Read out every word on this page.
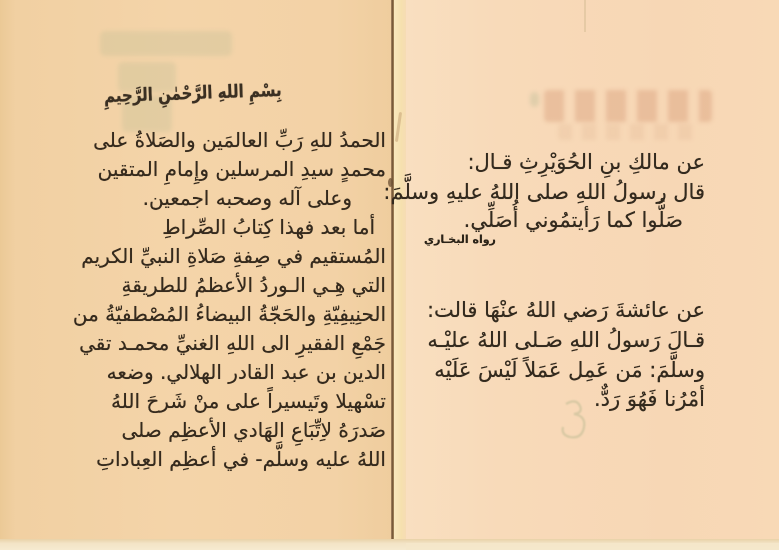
بِسْمِ اللهِ الرَّحْمٰنِ الرَّحِيمِ
الحمدُ للهِ رَبِّ العالمَين والصَلاةُ على
محمدٍ سيدِ المرسلين وإِمامِ المتقين
وعلى آله وصحبه اجمعين.
أما بعد فهذا كِتابُ الصِّراطِ
المُستقيم في صِفةِ صَلاةِ النبيِّ الكريم
التي هِـي الـوردُ الأعظمُ للطريقةِ
الحنِيفِيّةِ والحَجّةُ البيضاءُ المُصْطفيّةُ من
جَمْعِ الفقيرِ الى اللهِ الغنيِّ محمـد تقي
الدين بن عبد القادر الهلالي. وضعه
تسْهيلا وتَيسيراً على منْ شَرحَ اللهُ
صَدرَهُ لاِتِّبَاعِ الهَادي الأعظِم صلى
اللهُ عليه وسلَّم- في أعظِم العِباداتِ
عن مالكِ بنِ الحُوَيْرِثِ قـال:
قال رسولُ اللهِ صلى اللهُ عليهِ وسلَّمَ:
صَلُّوا كما رَأيتمُوني أُصَلِّي.
رواه البخـاري
عن عائشةَ رَضي اللهُ عنْهَا قالت:
قـالَ رَسولُ اللهِ صَـلى اللهُ عليْـه
وسلَّمَ: مَن عَمِل عَمَلاً لَيْسَ عَلَيْه
أمْرُنا فَهُوَ رَدٌّ.
